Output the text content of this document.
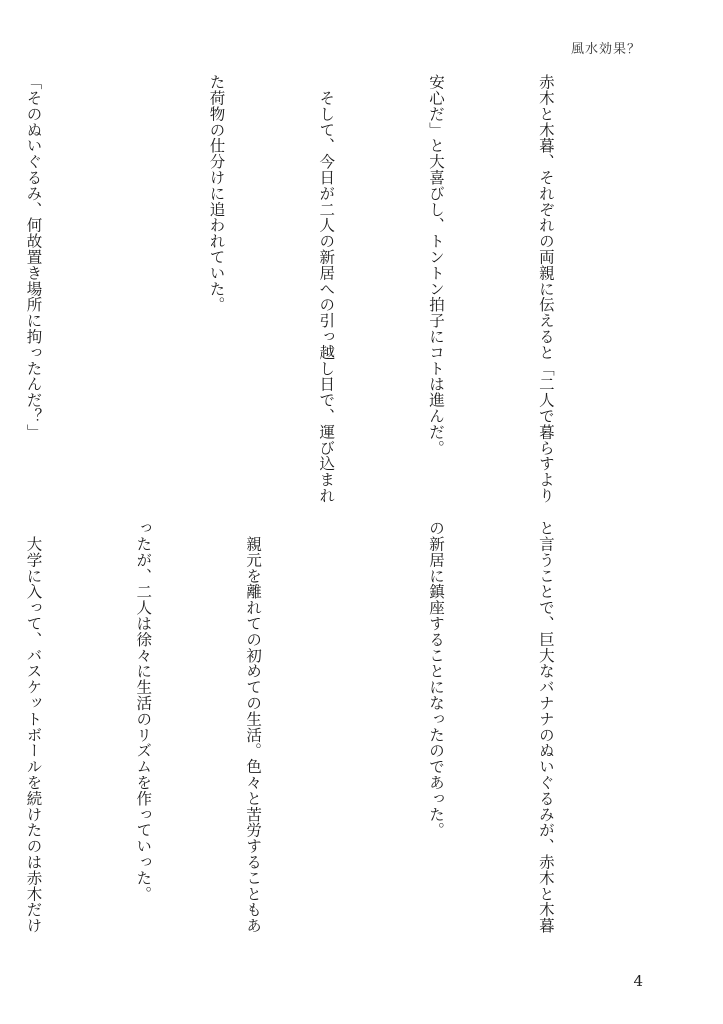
風水効果？

赤木と木暮、それぞれの両親に伝えると「二人で暮らすより

安心だ」と大喜びし、トントン拍子にコトは進んだ。

　そして、今日が二人の新居への引っ越し日で、運び込まれ

た荷物の仕分けに追われていた。

「そのぬいぐるみ、何故置き場所に拘ったんだ？」

と言うことで、巨大なバナナのぬいぐるみが、赤木と木暮

の新居に鎮座することになったのであった。

　親元を離れての初めての生活。色々と苦労することもあ

ったが、二人は徐々に生活のリズムを作っていった。

　大学に入って、バスケットボールを続けたのは赤木だけ

4
